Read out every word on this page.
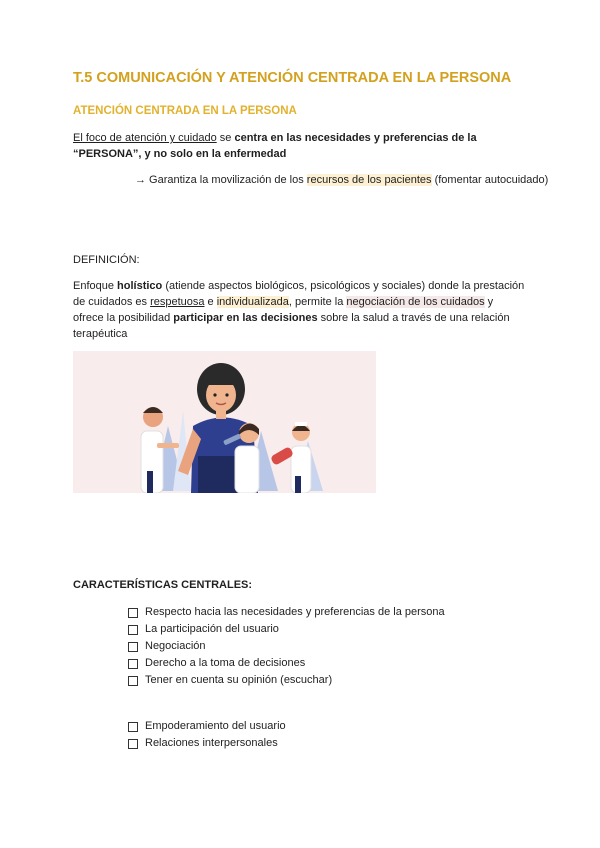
T.5 COMUNICACIÓN Y ATENCIÓN CENTRADA EN LA PERSONA
ATENCIÓN CENTRADA EN LA PERSONA
El foco de atención y cuidado se centra en las necesidades y preferencias de la
“PERSONA”, y no solo en la enfermedad
→ Garantiza la movilización de los recursos de los pacientes (fomentar autocuidado)
DEFINICIÓN:
Enfoque holístico (atiende aspectos biológicos, psicológicos y sociales) donde la prestación
de cuidados es respetuosa e individualizada, permite la negociación de los cuidados y
ofrece la posibilidad participar en las decisiones sobre la salud a través de una relación
terapéutica
CARACTERÍSTICAS CENTRALES:
Respecto hacia las necesidades y preferencias de la persona
La participación del usuario
Negociación
Derecho a la toma de decisiones
Tener en cuenta su opinión (escuchar)
Empoderamiento del usuario
Relaciones interpersonales
